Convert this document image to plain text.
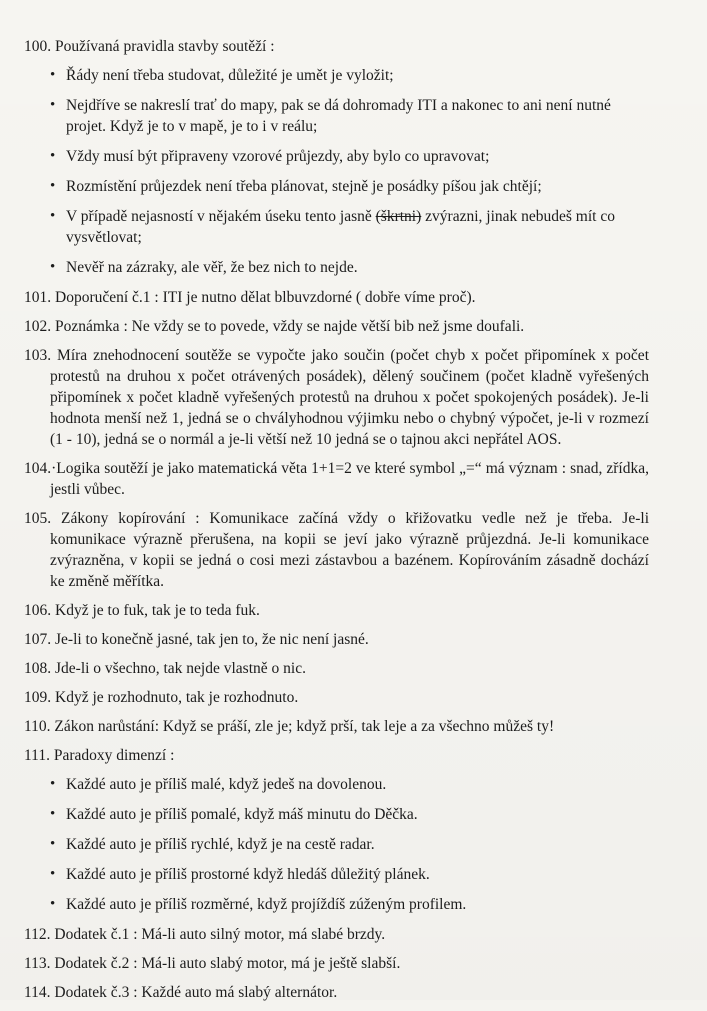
100. Používaná pravidla stavby soutěží :
• Řády není třeba studovat, důležité je umět je vyložit;
• Nejdříve se nakreslí trať do mapy, pak se dá dohromady ITI a nakonec to ani není nutné projet. Když je to v mapě, je to i v reálu;
• Vždy musí být připraveny vzorové průjezdy, aby bylo co upravovat;
• Rozmístění průjezdek není třeba plánovat, stejně je posádky píšou jak chtějí;
• V případě nejasností v nějakém úseku tento jasně (škrtni) zvýrazni, jinak nebudeš mít co vysvětlovat;
• Nevěř na zázraky, ale věř, že bez nich to nejde.
101. Doporučení č.1 : ITI je nutno dělat blbuvzdorné ( dobře víme proč).
102. Poznámka : Ne vždy se to povede, vždy se najde větší bib než jsme doufali.
103. Míra znehodnocení soutěže se vypočte jako součin (počet chyb x počet připomínek x počet protestů na druhou x počet otrávených posádek), dělený součinem (počet kladně vyřešených připomínek x počet kladně vyřešených protestů na druhou x počet spokojených posádek). Je-li hodnota menší než 1, jedná se o chvályhodnou výjimku nebo o chybný výpočet, je-li v rozmezí (1 - 10), jedná se o normál a je-li větší než 10 jedná se o tajnou akci nepřátel AOS.
104.·Logika soutěží je jako matematická věta 1+1=2 ve které symbol „=“ má význam : snad, zřídka, jestli vůbec.
105. Zákony kopírování : Komunikace začíná vždy o křižovatku vedle než je třeba. Je-li komunikace výrazně přerušena, na kopii se jeví jako výrazně průjezdná. Je-li komunikace zvýrazněna, v kopii se jedná o cosi mezi zástavbou a bazénem. Kopírováním zásadně dochází ke změně měřítka.
106. Když je to fuk, tak je to teda fuk.
107. Je-li to konečně jasné, tak jen to, že nic není jasné.
108. Jde-li o všechno, tak nejde vlastně o nic.
109. Když je rozhodnuto, tak je rozhodnuto.
110. Zákon narůstání: Když se práší, zle je; když prší, tak leje a za všechno můžeš ty!
111. Paradoxy dimenzí :
• Každé auto je příliš malé, když jedeš na dovolenou.
• Každé auto je příliš pomalé, když máš minutu do Děčka.
• Každé auto je příliš rychlé, když je na cestě radar.
• Každé auto je příliš prostorné když hledáš důležitý plánek.
• Každé auto je příliš rozměrné, když projíždíš zúženým profilem.
112. Dodatek č.1 : Má-li auto silný motor, má slabé brzdy.
113. Dodatek č.2 : Má-li auto slabý motor, má je ještě slabší.
114. Dodatek č.3 : Každé auto má slabý alternátor.
